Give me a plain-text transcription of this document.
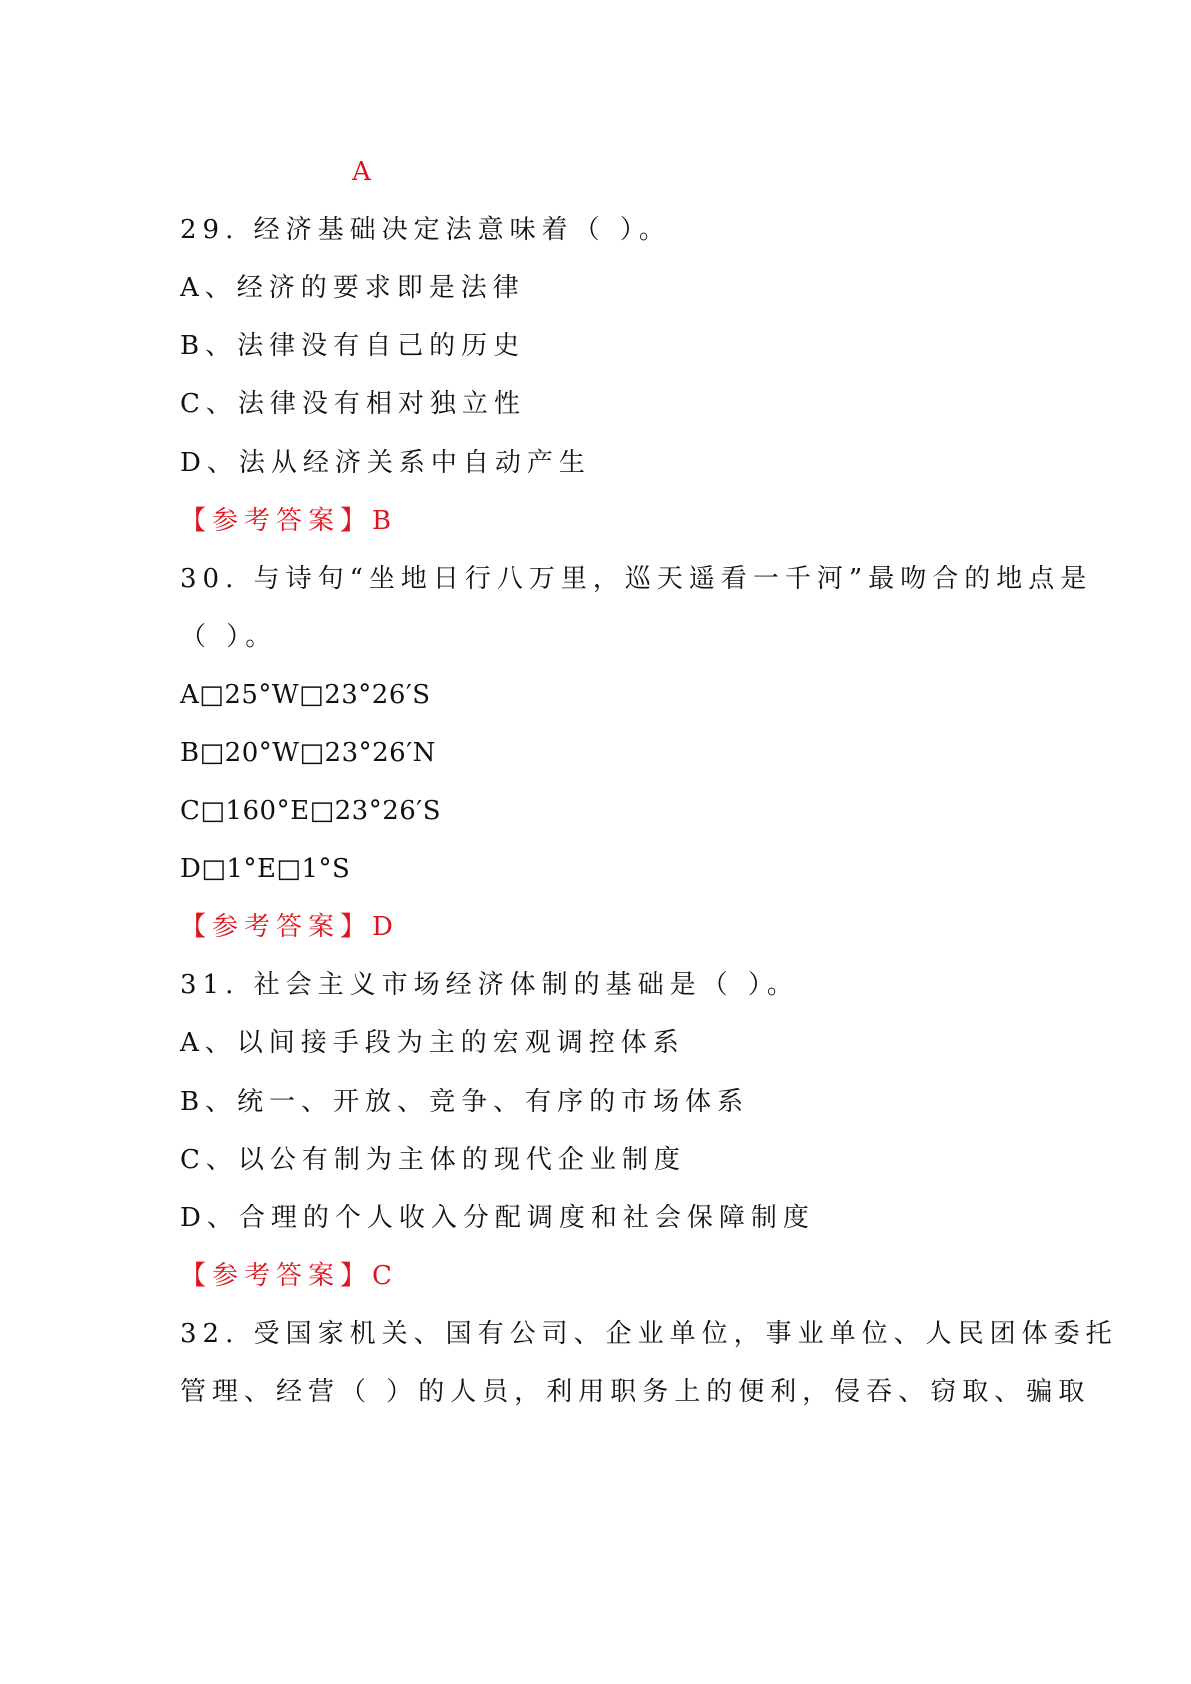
A
29. 经济基础决定法意味着（ ）。
A、经济的要求即是法律
B、法律没有自己的历史
C、法律没有相对独立性
D、法从经济关系中自动产生
【参考答案】B
30. 与诗句“坐地日行八万里，巡天遥看一千河”最吻合的地点是
（ ）。
A□25°W□23°26′S
B□20°W□23°26′N
C□160°E□23°26′S
D□1°E□1°S
【参考答案】D
31. 社会主义市场经济体制的基础是（ ）。
A、以间接手段为主的宏观调控体系
B、统一、开放、竞争、有序的市场体系
C、以公有制为主体的现代企业制度
D、合理的个人收入分配调度和社会保障制度
【参考答案】C
32. 受国家机关、国有公司、企业单位，事业单位、人民团体委托
管理、经营（ ）的人员，利用职务上的便利，侵吞、窃取、骗取
